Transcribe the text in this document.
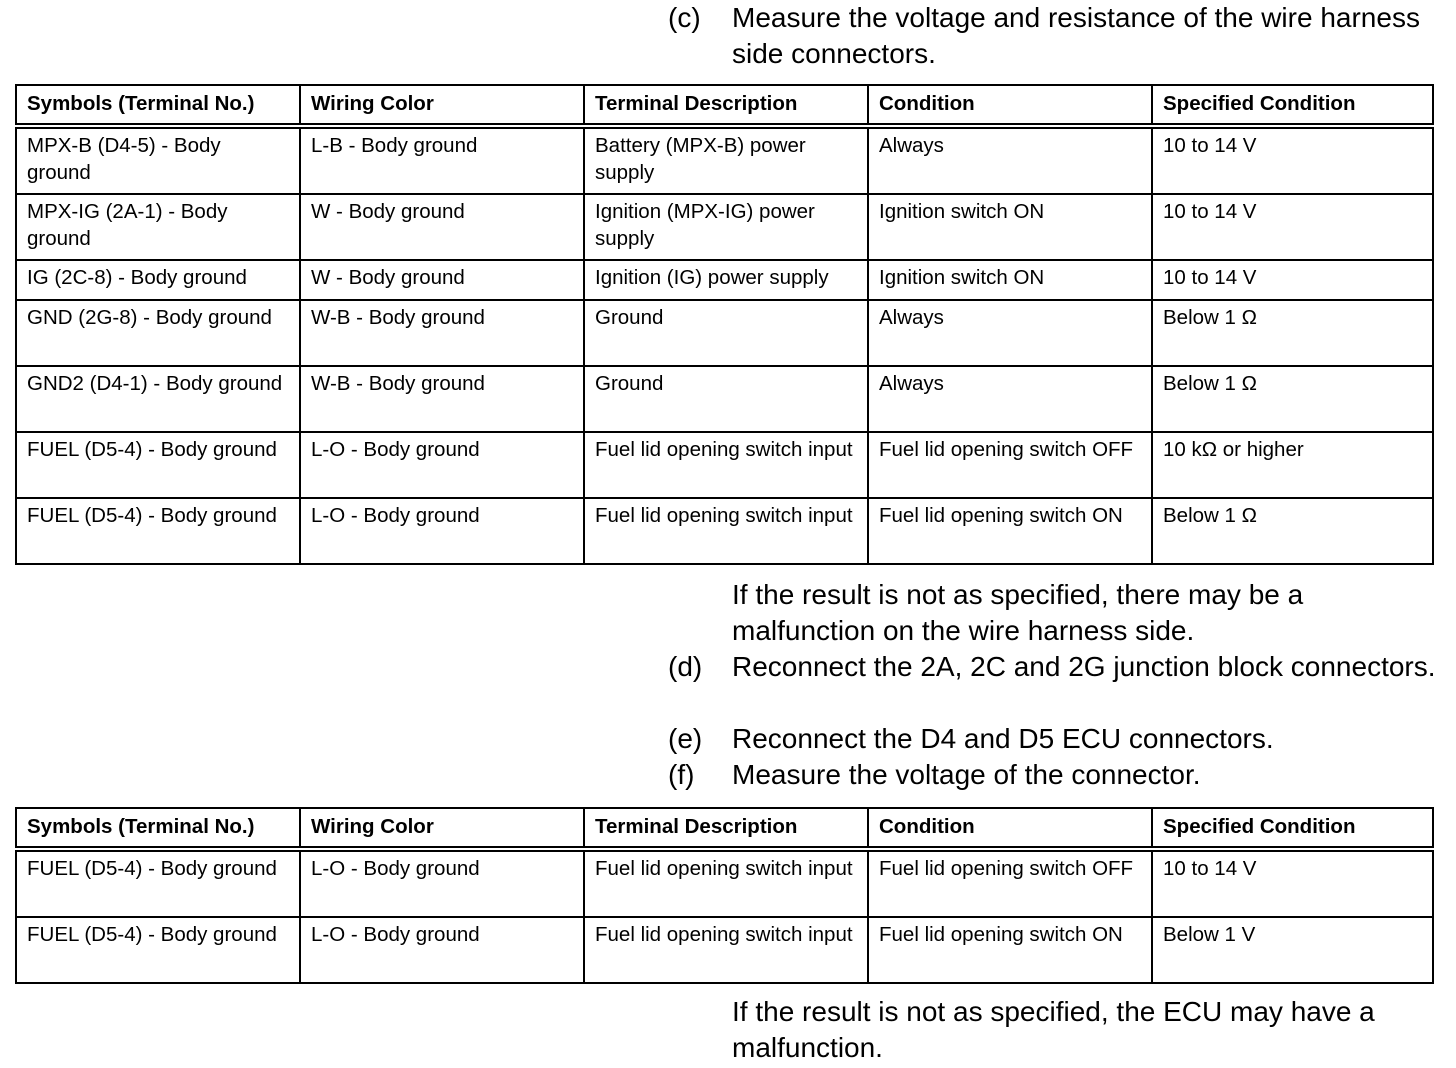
(c) Measure the voltage and resistance of the wire harness side connectors.
Symbols (Terminal No.)	Wiring Color	Terminal Description	Condition	Specified Condition
MPX-B (D4-5) - Body ground	L-B - Body ground	Battery (MPX-B) power supply	Always	10 to 14 V
MPX-IG (2A-1) - Body ground	W - Body ground	Ignition (MPX-IG) power supply	Ignition switch ON	10 to 14 V
IG (2C-8) - Body ground	W - Body ground	Ignition (IG) power supply	Ignition switch ON	10 to 14 V
GND (2G-8) - Body ground	W-B - Body ground	Ground	Always	Below 1 Ω
GND2 (D4-1) - Body ground	W-B - Body ground	Ground	Always	Below 1 Ω
FUEL (D5-4) - Body ground	L-O - Body ground	Fuel lid opening switch input	Fuel lid opening switch OFF	10 kΩ or higher
FUEL (D5-4) - Body ground	L-O - Body ground	Fuel lid opening switch input	Fuel lid opening switch ON	Below 1 Ω
If the result is not as specified, there may be a malfunction on the wire harness side.
(d) Reconnect the 2A, 2C and 2G junction block connectors.
(e) Reconnect the D4 and D5 ECU connectors.
(f) Measure the voltage of the connector.
Symbols (Terminal No.)	Wiring Color	Terminal Description	Condition	Specified Condition
FUEL (D5-4) - Body ground	L-O - Body ground	Fuel lid opening switch input	Fuel lid opening switch OFF	10 to 14 V
FUEL (D5-4) - Body ground	L-O - Body ground	Fuel lid opening switch input	Fuel lid opening switch ON	Below 1 V
If the result is not as specified, the ECU may have a malfunction.
